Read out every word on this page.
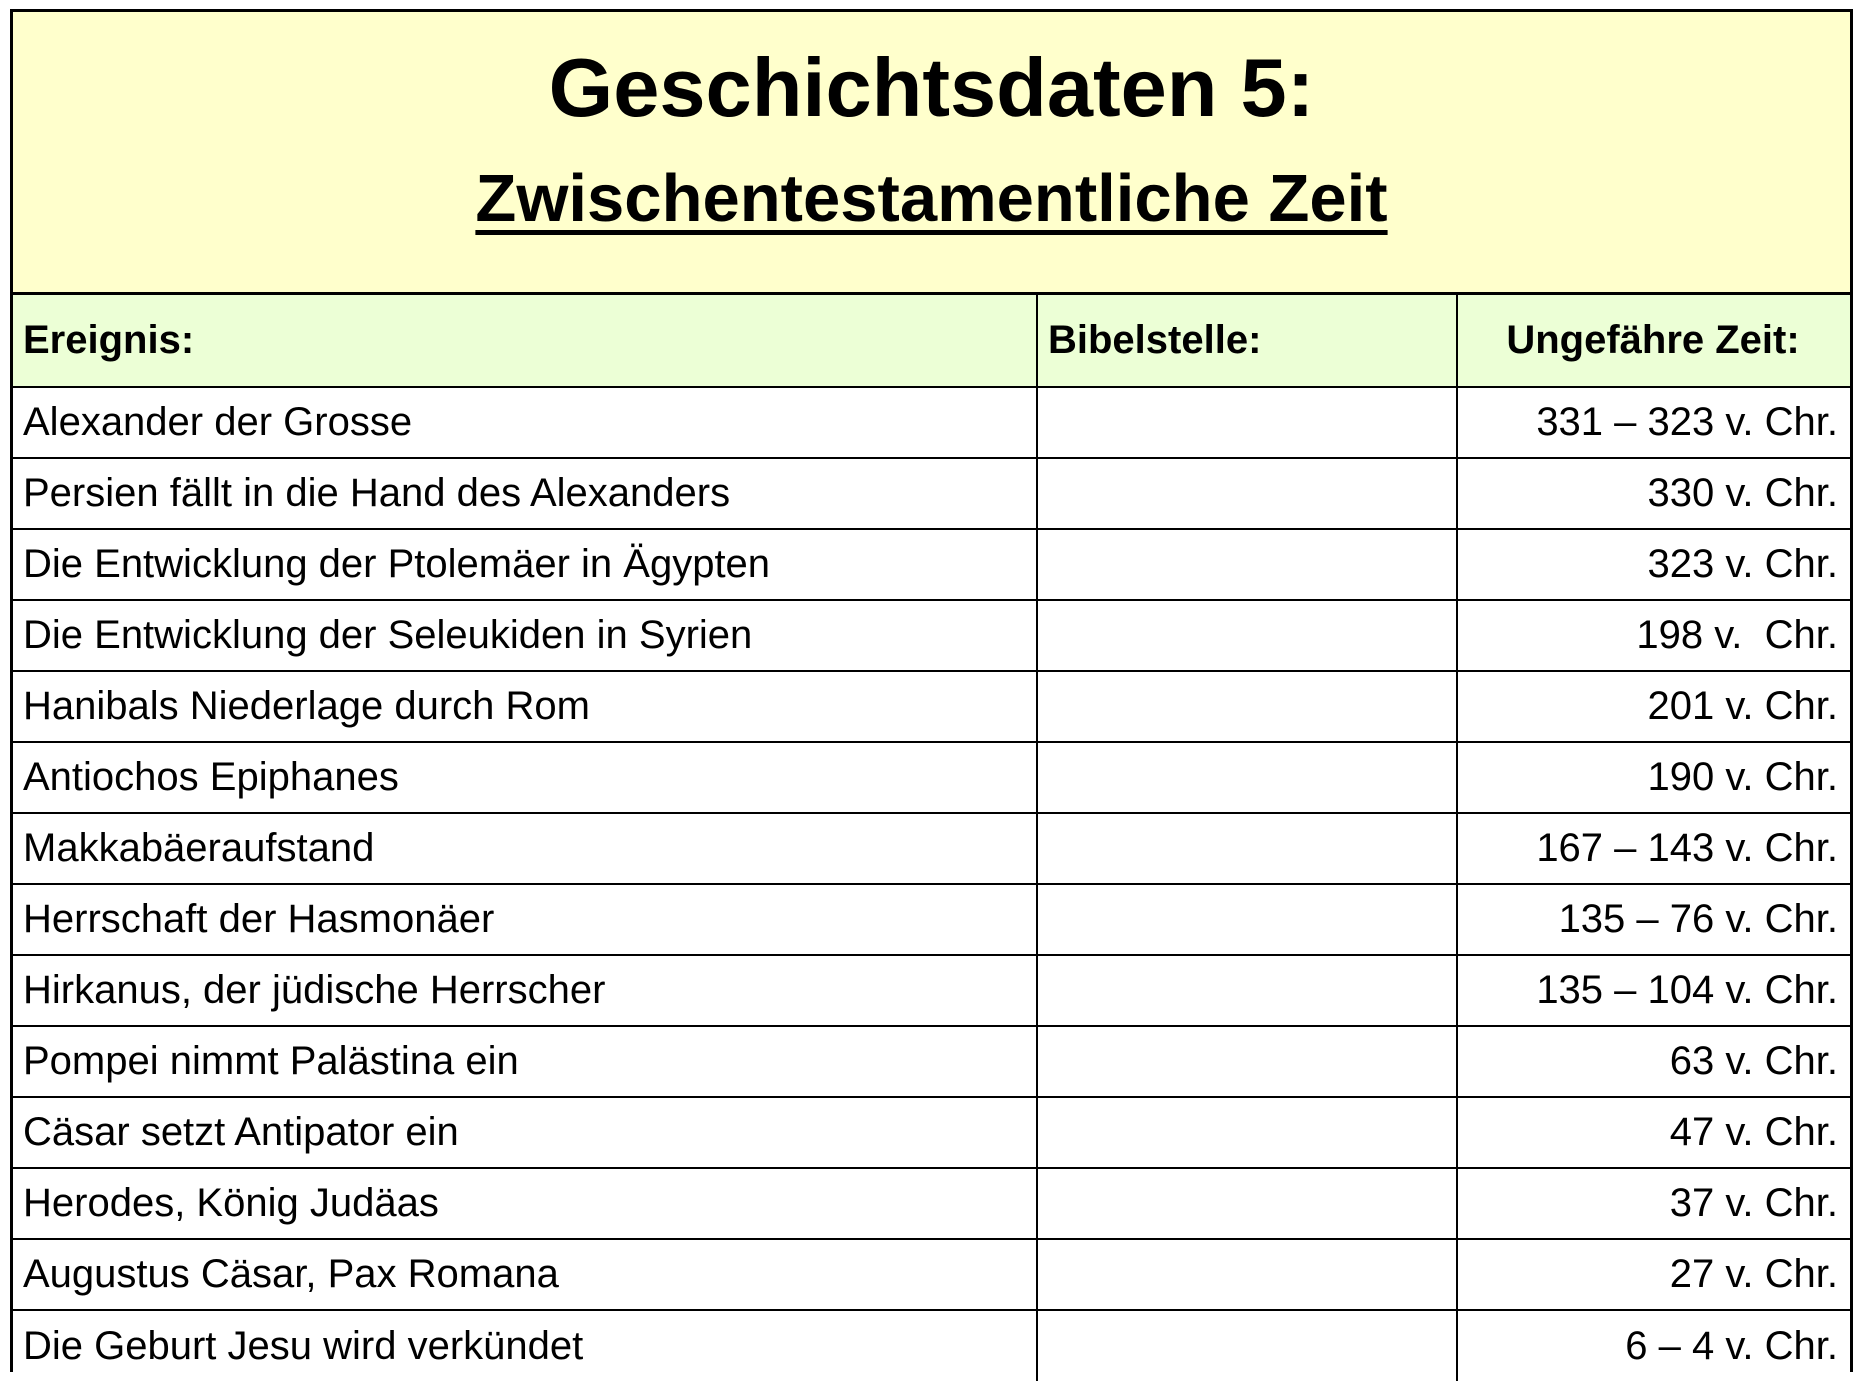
Geschichtsdaten 5:
Zwischentestamentliche Zeit
Ereignis:	Bibelstelle:	Ungefähre Zeit:
Alexander der Grosse		331 – 323 v. Chr.
Persien fällt in die Hand des Alexanders		330 v. Chr.
Die Entwicklung der Ptolemäer in Ägypten		323 v. Chr.
Die Entwicklung der Seleukiden in Syrien		198 v.  Chr.
Hanibals Niederlage durch Rom		201 v. Chr.
Antiochos Epiphanes		190 v. Chr.
Makkabäeraufstand		167 – 143 v. Chr.
Herrschaft der Hasmonäer		135 – 76 v. Chr.
Hirkanus, der jüdische Herrscher		135 – 104 v. Chr.
Pompei nimmt Palästina ein		63 v. Chr.
Cäsar setzt Antipator ein		47 v. Chr.
Herodes, König Judäas		37 v. Chr.
Augustus Cäsar, Pax Romana		27 v. Chr.
Die Geburt Jesu wird verkündet		6 – 4 v. Chr.
